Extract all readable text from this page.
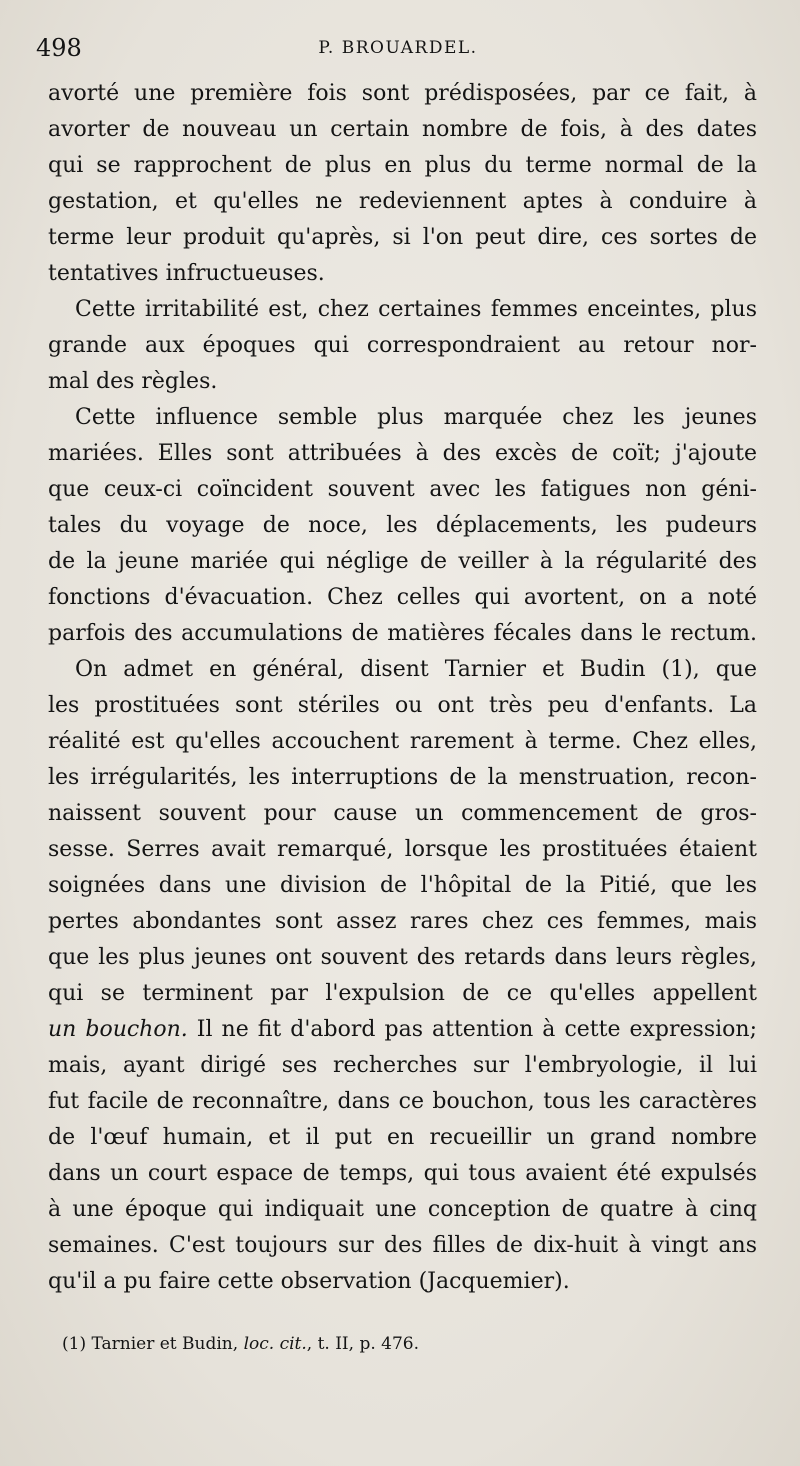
498	P. BROUARDEL.
avorté une première fois sont prédisposées, par ce fait, à
avorter de nouveau un certain nombre de fois, à des dates
qui se rapprochent de plus en plus du terme normal de la
gestation, et qu'elles ne redeviennent aptes à conduire à
terme leur produit qu'après, si l'on peut dire, ces sortes de
tentatives infructueuses.
Cette irritabilité est, chez certaines femmes enceintes, plus
grande aux époques qui correspondraient au retour nor-
mal des règles.
Cette influence semble plus marquée chez les jeunes
mariées. Elles sont attribuées à des excès de coït; j'ajoute
que ceux-ci coïncident souvent avec les fatigues non géni-
tales du voyage de noce, les déplacements, les pudeurs
de la jeune mariée qui néglige de veiller à la régularité des
fonctions d'évacuation. Chez celles qui avortent, on a noté
parfois des accumulations de matières fécales dans le rectum.
On admet en général, disent Tarnier et Budin (1), que
les prostituées sont stériles ou ont très peu d'enfants. La
réalité est qu'elles accouchent rarement à terme. Chez elles,
les irrégularités, les interruptions de la menstruation, recon-
naissent souvent pour cause un commencement de gros-
sesse. Serres avait remarqué, lorsque les prostituées étaient
soignées dans une division de l'hôpital de la Pitié, que les
pertes abondantes sont assez rares chez ces femmes, mais
que les plus jeunes ont souvent des retards dans leurs règles,
qui se terminent par l'expulsion de ce qu'elles appellent
un bouchon. Il ne fit d'abord pas attention à cette expression;
mais, ayant dirigé ses recherches sur l'embryologie, il lui
fut facile de reconnaître, dans ce bouchon, tous les caractères
de l'œuf humain, et il put en recueillir un grand nombre
dans un court espace de temps, qui tous avaient été expulsés
à une époque qui indiquait une conception de quatre à cinq
semaines. C'est toujours sur des filles de dix-huit à vingt ans
qu'il a pu faire cette observation (Jacquemier).
(1) Tarnier et Budin, loc. cit., t. II, p. 476.
